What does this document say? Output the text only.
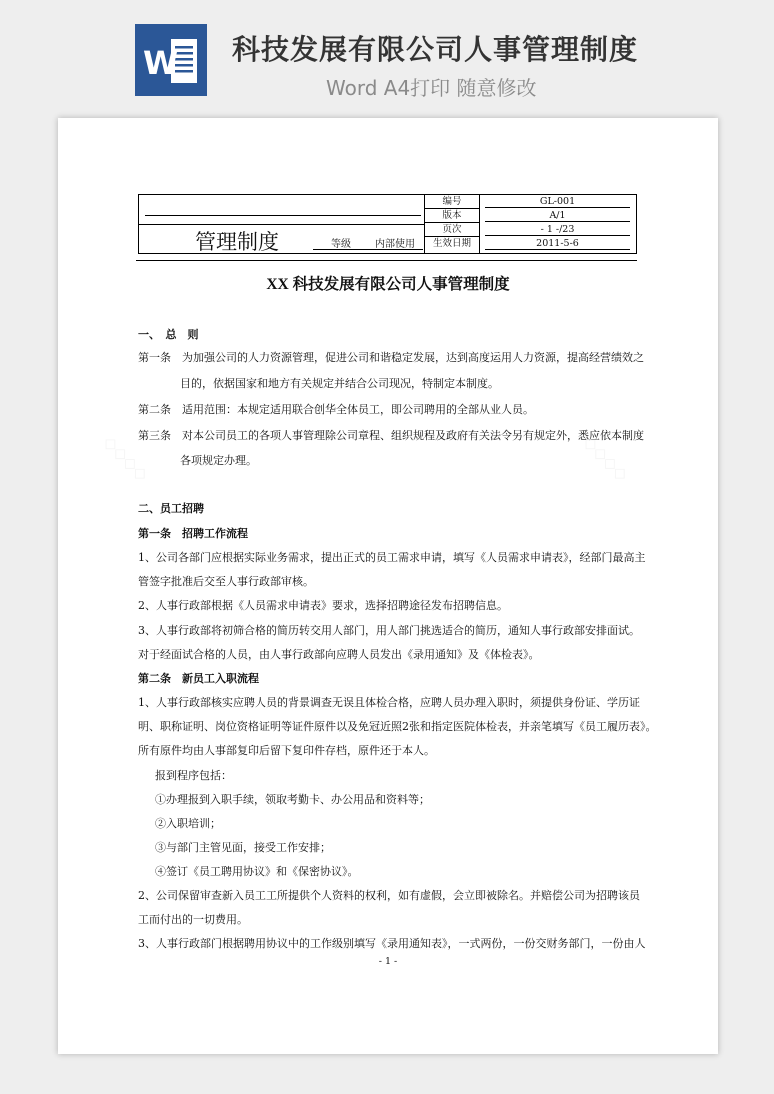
W 科技发展有限公司人事管理制度
Word A4打印 随意修改
管理制度	等级 内部使用
编号
版本
页次
生效日期
GL-001
A/1
- 1 -/23
2011-5-6
XX 科技发展有限公司人事管理制度
一、　总　则
第一条　为加强公司的人力资源管理，促进公司和谐稳定发展，达到高度运用人力资源，提高经营绩效之
目的，依据国家和地方有关规定并结合公司现况，特制定本制度。
第二条　适用范围：本规定适用联合创华全体员工，即公司聘用的全部从业人员。
第三条　对本公司员工的各项人事管理除公司章程、组织规程及政府有关法令另有规定外，悉应依本制度
各项规定办理。
二、员工招聘
第一条　招聘工作流程
1、公司各部门应根据实际业务需求，提出正式的员工需求申请，填写《人员需求申请表》，经部门最高主
管签字批准后交至人事行政部审核。
2、人事行政部根据《人员需求申请表》要求，选择招聘途径发布招聘信息。
3、人事行政部将初筛合格的简历转交用人部门，用人部门挑选适合的简历，通知人事行政部安排面试。
对于经面试合格的人员，由人事行政部向应聘人员发出《录用通知》及《体检表》。
第二条　新员工入职流程
1、人事行政部核实应聘人员的背景调查无误且体检合格，应聘人员办理入职时，须提供身份证、学历证
明、职称证明、岗位资格证明等证件原件以及免冠近照2张和指定医院体检表，并亲笔填写《员工履历表》。
所有原件均由人事部复印后留下复印件存档，原件还于本人。
报到程序包括：
①办理报到入职手续，领取考勤卡、办公用品和资料等；
②入职培训；
③与部门主管见面，接受工作安排；
④签订《员工聘用协议》和《保密协议》。
2、公司保留审查新入员工工所提供个人资料的权利，如有虚假，会立即被除名。并赔偿公司为招聘该员
工而付出的一切费用。
3、人事行政部门根据聘用协议中的工作级别填写《录用通知表》，一式两份，一份交财务部门，一份由人
- 1 -
